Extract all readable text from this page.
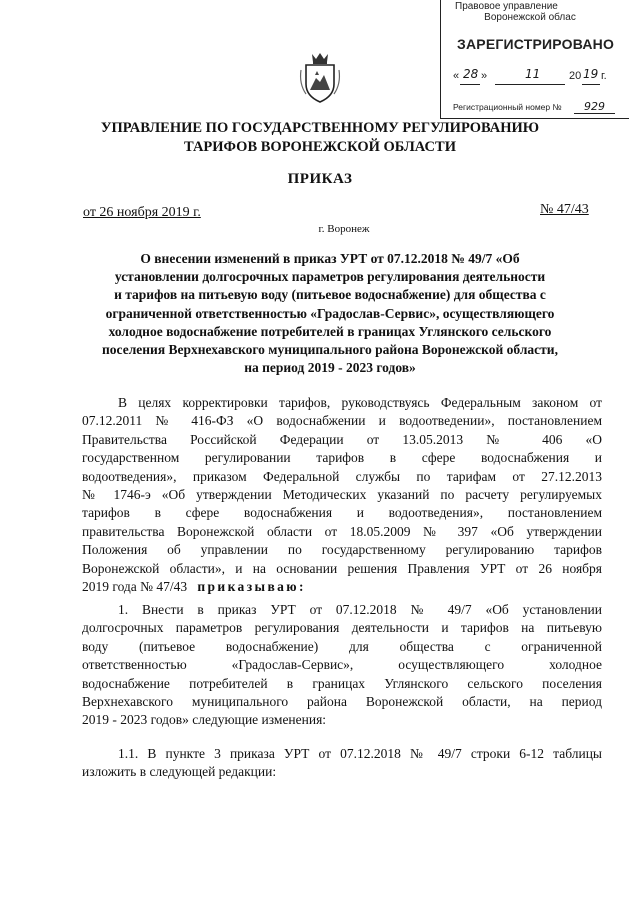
Правовое управление
Воронежской облас
ЗАРЕГИСТРИРОВАНО
« 28 »	11	20 19 г.
Регистрационный номер № 929
УПРАВЛЕНИЕ ПО ГОСУДАРСТВЕННОМУ РЕГУЛИРОВАНИЮ
ТАРИФОВ ВОРОНЕЖСКОЙ ОБЛАСТИ
ПРИКАЗ
от 26 ноября 2019 г.	№ 47/43
г. Воронеж
О внесении изменений в приказ УРТ от 07.12.2018 № 49/7 «Об
установлении долгосрочных параметров регулирования деятельности
и тарифов на питьевую воду (питьевое водоснабжение) для общества с
ограниченной ответственностью «Градослав-Сервис», осуществляющего
холодное водоснабжение потребителей в границах Углянского сельского
поселения Верхнехавского муниципального района Воронежской области,
на период 2019 - 2023 годов»
В целях корректировки тарифов, руководствуясь Федеральным законом от
07.12.2011 № 416-ФЗ «О водоснабжении и водоотведении», постановлением
Правительства Российской Федерации от 13.05.2013 № 406 «О
государственном регулировании тарифов в сфере водоснабжения и
водоотведения», приказом Федеральной службы по тарифам от 27.12.2013
№ 1746-э «Об утверждении Методических указаний по расчету регулируемых
тарифов в сфере водоснабжения и водоотведения», постановлением
правительства Воронежской области от 18.05.2009 № 397 «Об утверждении
Положения об управлении по государственному регулированию тарифов
Воронежской области», и на основании решения Правления УРТ от 26 ноября
2019 года № 47/43 приказываю:
1. Внести в приказ УРТ от 07.12.2018 № 49/7 «Об установлении
долгосрочных параметров регулирования деятельности и тарифов на питьевую
воду (питьевое водоснабжение) для общества с ограниченной
ответственностью «Градослав-Сервис», осуществляющего холодное
водоснабжение потребителей в границах Углянского сельского поселения
Верхнехавского муниципального района Воронежской области, на период
2019 - 2023 годов» следующие изменения:
1.1. В пункте 3 приказа УРТ от 07.12.2018 № 49/7 строки 6-12 таблицы
изложить в следующей редакции:
